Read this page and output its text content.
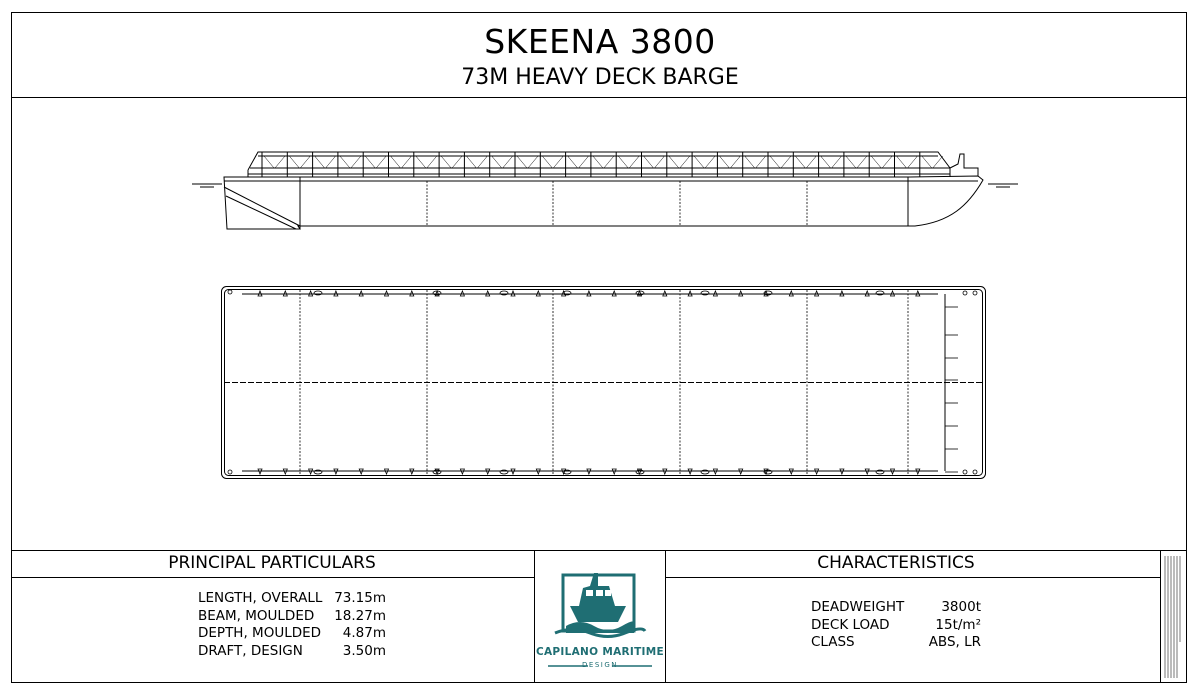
SKEENA 3800
73M HEAVY DECK BARGE
PRINCIPAL PARTICULARS
LENGTH, OVERALL 73.15m
BEAM, MOULDED 18.27m
DEPTH, MOULDED 4.87m
DRAFT, DESIGN	3.50m
CHARACTERISTICS
DEADWEIGHT	3800t
DECK LOAD	15t/m²
CLASS	ABS, LR
CAPILANO MARITIME
DESIGN
